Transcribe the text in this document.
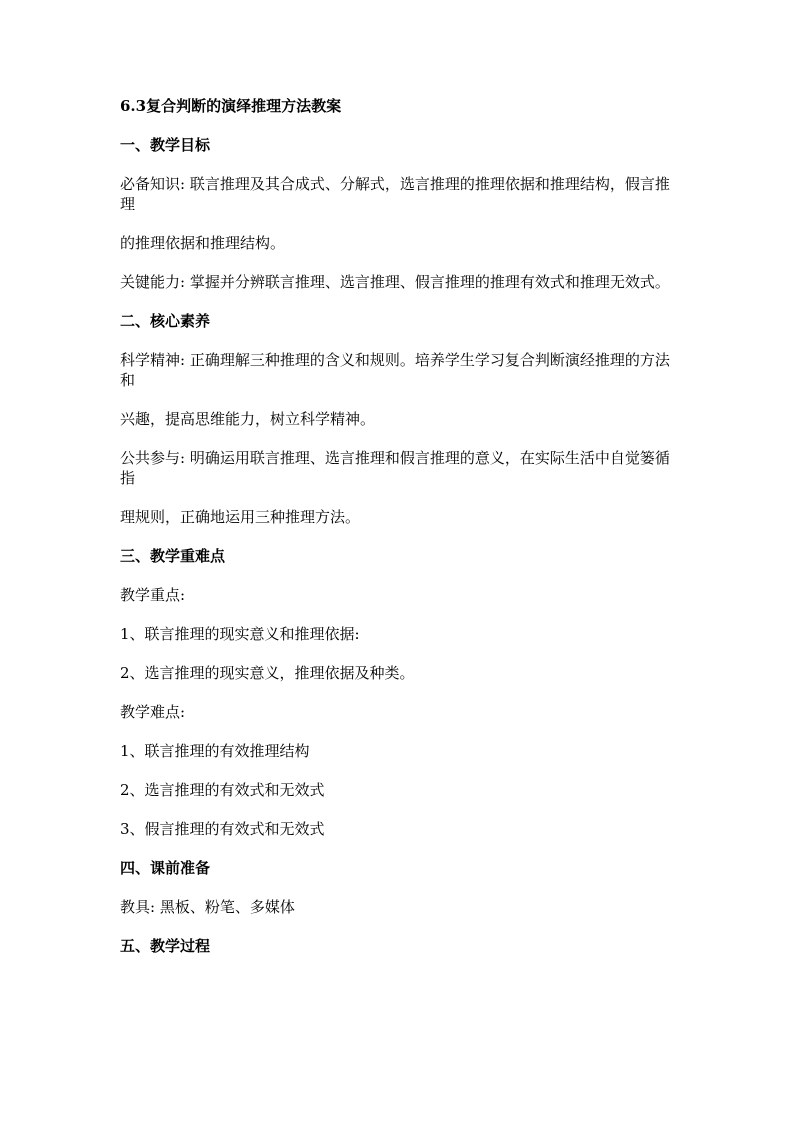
6.3复合判断的演绎推理方法教案

一、教学目标

必备知识: 联言推理及其合成式、分解式，选言推理的推理依据和推理结构，假言推理

的推理依据和推理结构。

关键能力: 掌握并分辨联言推理、选言推理、假言推理的推理有效式和推理无效式。

二、核心素养

科学精神: 正确理解三种推理的含义和规则。培养学生学习复合判断演经推理的方法和

兴趣，提高思维能力，树立科学精神。

公共参与: 明确运用联言推理、选言推理和假言推理的意义，在实际生活中自觉篓循指

理规则，正确地运用三种推理方法。

三、教学重难点

教学重点:

1、联言推理的现实意义和推理依据:

2、选言推理的现实意义，推理依据及种类。

教学难点:

1、联言推理的有效推理结构

2、选言推理的有效式和无效式

3、假言推理的有效式和无效式

四、课前准备

教具: 黑板、粉笔、多媒体

五、教学过程
